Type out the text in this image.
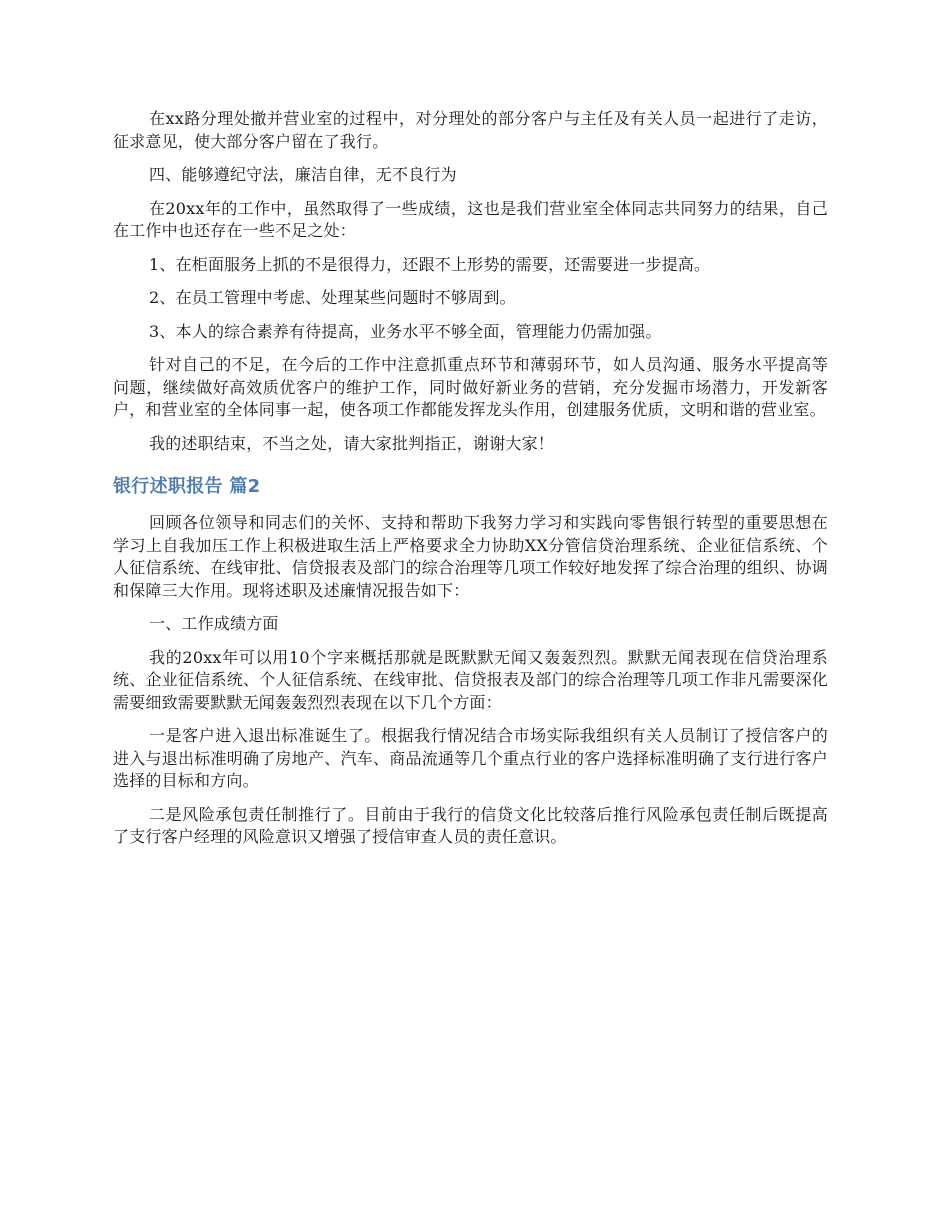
在xx路分理处撤并营业室的过程中，对分理处的部分客户与主任及有关人员一起进行了走访，征求意见，使大部分客户留在了我行。

四、能够遵纪守法，廉洁自律，无不良行为

在20xx年的工作中，虽然取得了一些成绩，这也是我们营业室全体同志共同努力的结果，自己在工作中也还存在一些不足之处：

1、在柜面服务上抓的不是很得力，还跟不上形势的需要，还需要进一步提高。

2、在员工管理中考虑、处理某些问题时不够周到。

3、本人的综合素养有待提高，业务水平不够全面，管理能力仍需加强。

针对自己的不足，在今后的工作中注意抓重点环节和薄弱环节，如人员沟通、服务水平提高等问题，继续做好高效质优客户的维护工作，同时做好新业务的营销，充分发掘市场潜力，开发新客户，和营业室的全体同事一起，使各项工作都能发挥龙头作用，创建服务优质，文明和谐的营业室。

我的述职结束，不当之处，请大家批判指正，谢谢大家！

银行述职报告 篇2

回顾各位领导和同志们的关怀、支持和帮助下我努力学习和实践向零售银行转型的重要思想在学习上自我加压工作上积极进取生活上严格要求全力协助XX分管信贷治理系统、企业征信系统、个人征信系统、在线审批、信贷报表及部门的综合治理等几项工作较好地发挥了综合治理的组织、协调和保障三大作用。现将述职及述廉情况报告如下：

一、工作成绩方面

我的20xx年可以用10个字来概括那就是既默默无闻又轰轰烈烈。默默无闻表现在信贷治理系统、企业征信系统、个人征信系统、在线审批、信贷报表及部门的综合治理等几项工作非凡需要深化需要细致需要默默无闻轰轰烈烈表现在以下几个方面：

一是客户进入退出标准诞生了。根据我行情况结合市场实际我组织有关人员制订了授信客户的进入与退出标准明确了房地产、汽车、商品流通等几个重点行业的客户选择标准明确了支行进行客户选择的目标和方向。

二是风险承包责任制推行了。目前由于我行的信贷文化比较落后推行风险承包责任制后既提高了支行客户经理的风险意识又增强了授信审查人员的责任意识。
